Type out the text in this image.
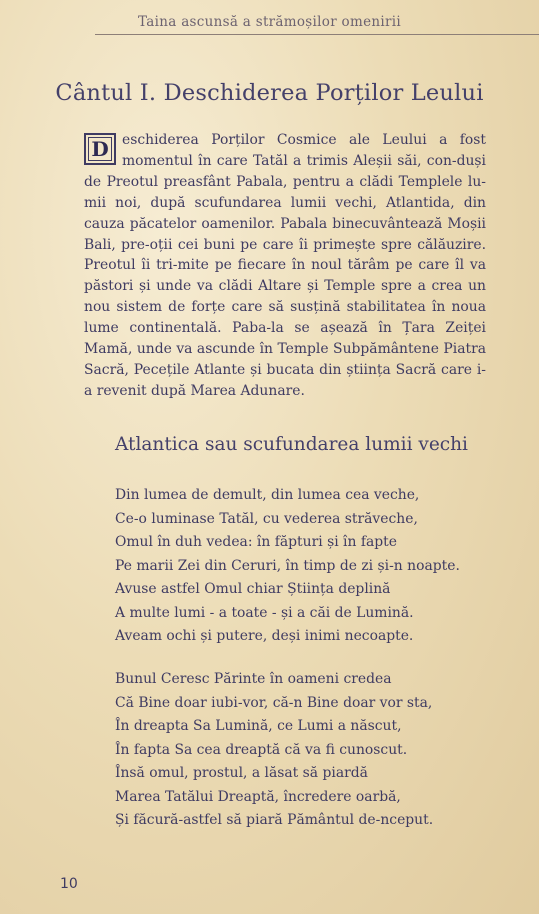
Taina ascunsă a strămoșilor omenirii
Cântul I. Deschiderea Porților Leului
D eschiderea Porților Cosmice ale Leului a fost momentul în care Tatăl a trimis Aleșii săi, con-duși de Preotul preasfânt Pabala, pentru a clădi Templele lu-mii noi, după scufundarea lumii vechi, Atlantida, din cauza păcatelor oamenilor. Pabala binecuvântează Moșii Bali, pre-oții cei buni pe care îi primește spre călăuzire. Preotul îi tri-mite pe fiecare în noul tărâm pe care îl va păstori și unde va clădi Altare și Temple spre a crea un nou sistem de forțe care să susțină stabilitatea în noua lume continentală. Paba-la se așează în Țara Zeiței Mamă, unde va ascunde în Temple Subpământene Piatra Sacră, Pecețile Atlante și bucata din știința Sacră care i-a revenit după Marea Adunare.
Atlantica sau scufundarea lumii vechi
Din lumea de demult, din lumea cea veche,
Ce-o luminase Tatăl, cu vederea străveche,
Omul în duh vedea: în făpturi și în fapte
Pe marii Zei din Ceruri, în timp de zi și-n noapte.
Avuse astfel Omul chiar Știința deplină
A multe lumi - a toate - și a căi de Lumină.
Aveam ochi și putere, deși inimi necoapte.
Bunul Ceresc Părinte în oameni credea
Că Bine doar iubi-vor, că-n Bine doar vor sta,
În dreapta Sa Lumină, ce Lumi a născut,
În fapta Sa cea dreaptă că va fi cunoscut.
Însă omul, prostul, a lăsat să piardă
Marea Tatălui Dreaptă, încredere oarbă,
Și făcură-astfel să piară Pământul de-nceput.
10
